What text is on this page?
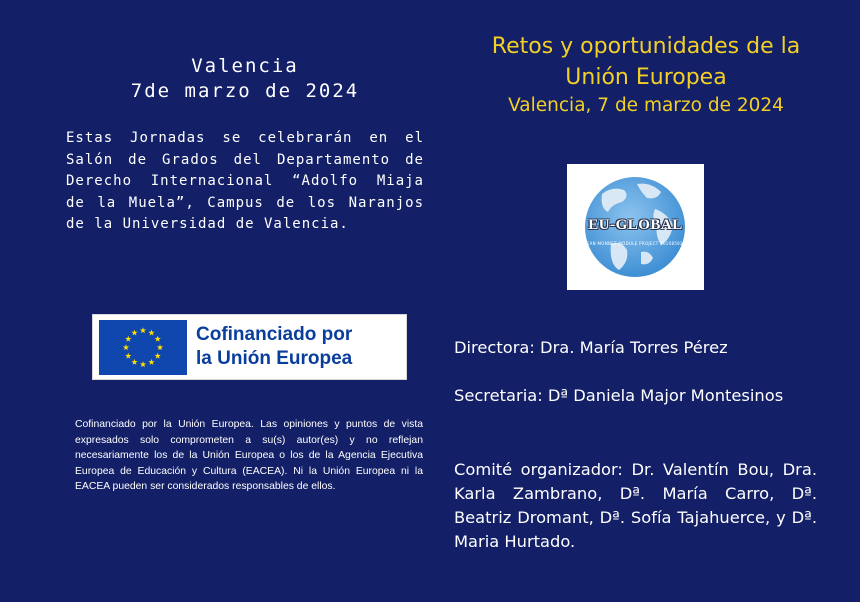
Valencia
7de marzo de 2024
Estas Jornadas se celebrarán en el Salón de Grados del Departamento de Derecho Internacional “Adolfo Miaja de la Muela”, Campus de los Naranjos de la Universidad de Valencia.
Cofinanciado por
la Unión Europea
Cofinanciado por la Unión Europea. Las opiniones y puntos de vista expresados solo comprometen a su(s) autor(es) y no reflejan necesariamente los de la Unión Europea o los de la Agencia Ejecutiva Europea de Educación y Cultura (EACEA). Ni la Unión Europea ni la EACEA pueden ser considerados responsables de ellos.
Retos y oportunidades de la Unión Europea
Valencia, 7 de marzo de 2024
EU-GLOBAL
JEAN MONNET MODULE PROJECT 101085924
Directora: Dra. María Torres Pérez
Secretaria: Dª Daniela Major Montesinos
Comité organizador: Dr. Valentín Bou, Dra. Karla Zambrano, Dª. María Carro, Dª. Beatriz Dromant, Dª. Sofía Tajahuerce, y Dª. Maria Hurtado.
